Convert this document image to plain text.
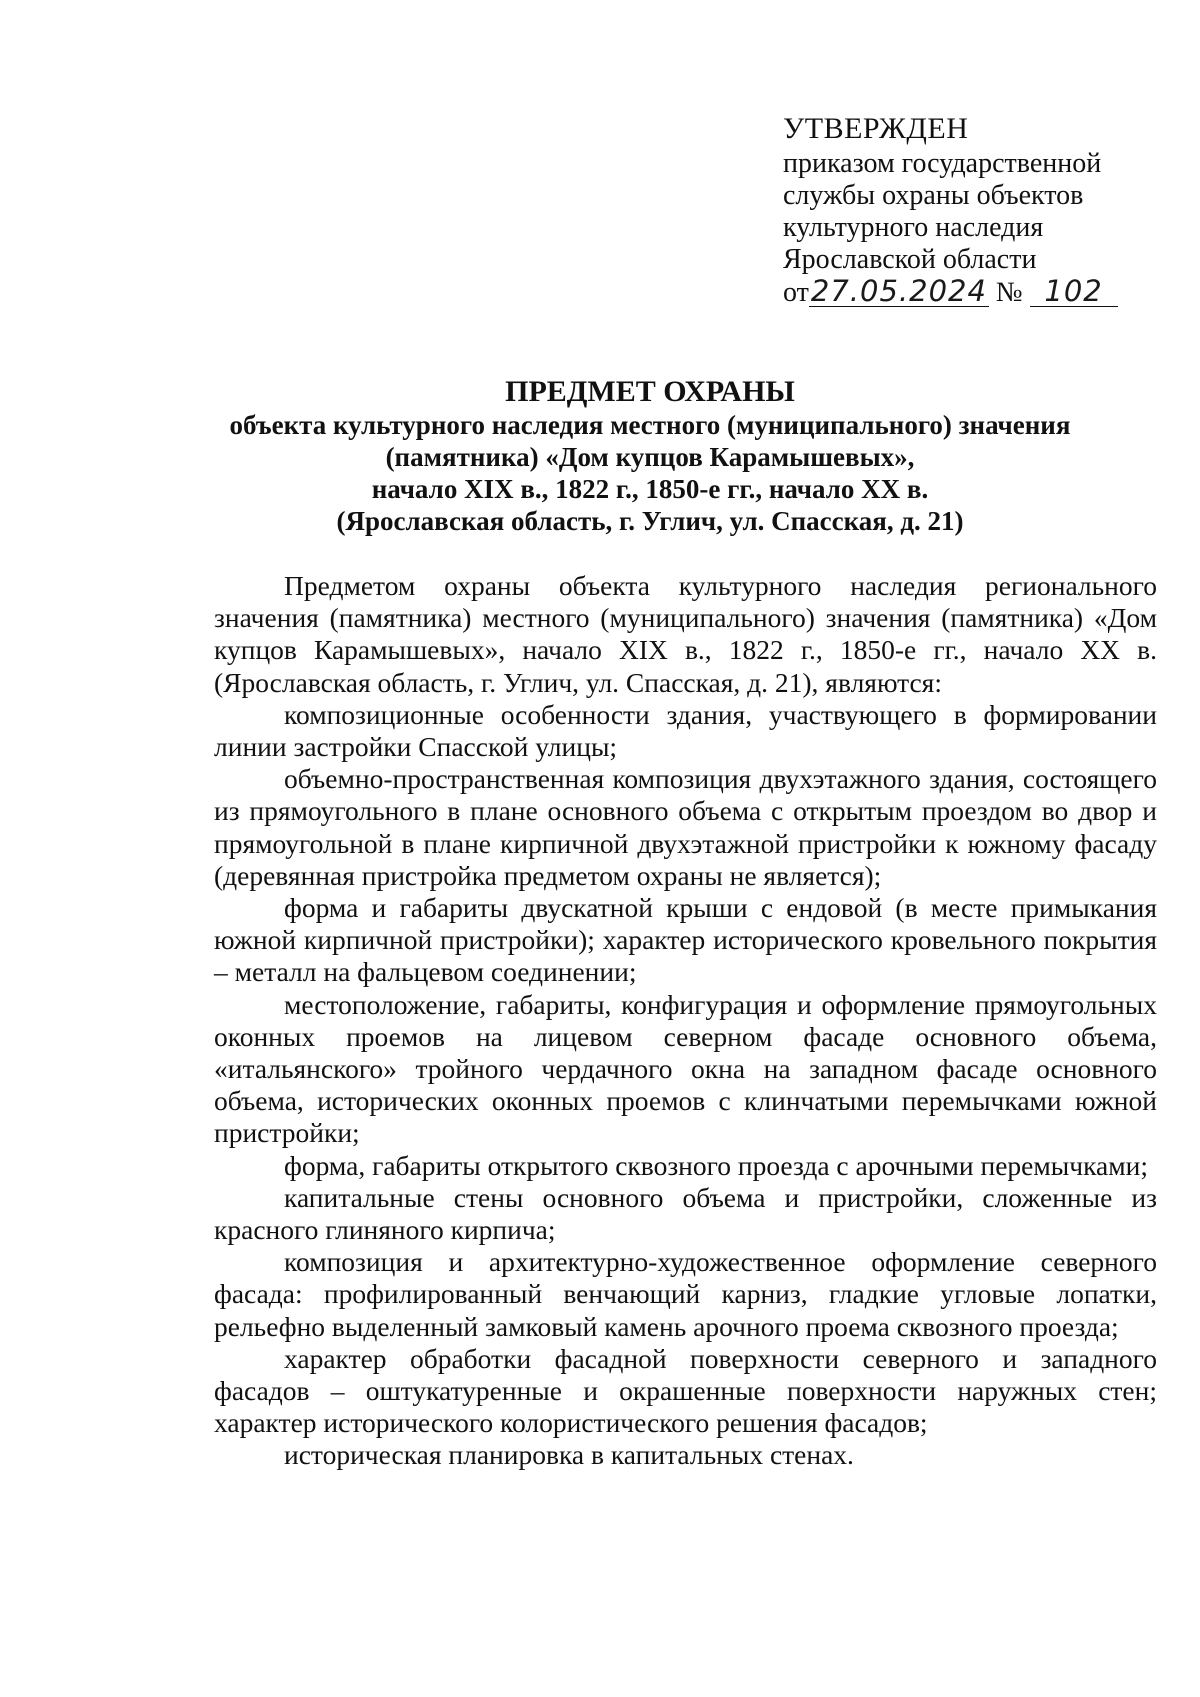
УТВЕРЖДЕН
приказом государственной
службы охраны объектов
культурного наследия
Ярославской области
от27.05.2024 № 102
ПРЕДМЕТ ОХРАНЫ
объекта культурного наследия местного (муниципального) значения
(памятника) «Дом купцов Карамышевых»,
начало XIX в., 1822 г., 1850-е гг., начало XX в.
(Ярославская область, г. Углич, ул. Спасская, д. 21)

Предметом охраны объекта культурного наследия регионального значения (памятника) местного (муниципального) значения (памятника) «Дом купцов Карамышевых», начало XIX в., 1822 г., 1850-е гг., начало XX в. (Ярославская область, г. Углич, ул. Спасская, д. 21), являются:

композиционные особенности здания, участвующего в формировании линии застройки Спасской улицы;

объемно-пространственная композиция двухэтажного здания, состоящего из прямоугольного в плане основного объема с открытым проездом во двор и прямоугольной в плане кирпичной двухэтажной пристройки к южному фасаду (деревянная пристройка предметом охраны не является);

форма и габариты двускатной крыши с ендовой (в месте примыкания южной кирпичной пристройки); характер исторического кровельного покрытия – металл на фальцевом соединении;

местоположение, габариты, конфигурация и оформление прямоугольных оконных проемов на лицевом северном фасаде основного объема, «итальянского» тройного чердачного окна на западном фасаде основного объема, исторических оконных проемов с клинчатыми перемычками южной пристройки;

форма, габариты открытого сквозного проезда с арочными перемычками;

капитальные стены основного объема и пристройки, сложенные из красного глиняного кирпича;

композиция и архитектурно-художественное оформление северного фасада: профилированный венчающий карниз, гладкие угловые лопатки, рельефно выделенный замковый камень арочного проема сквозного проезда;

характер обработки фасадной поверхности северного и западного фасадов – оштукатуренные и окрашенные поверхности наружных стен; характер исторического колористического решения фасадов;

историческая планировка в капитальных стенах.
